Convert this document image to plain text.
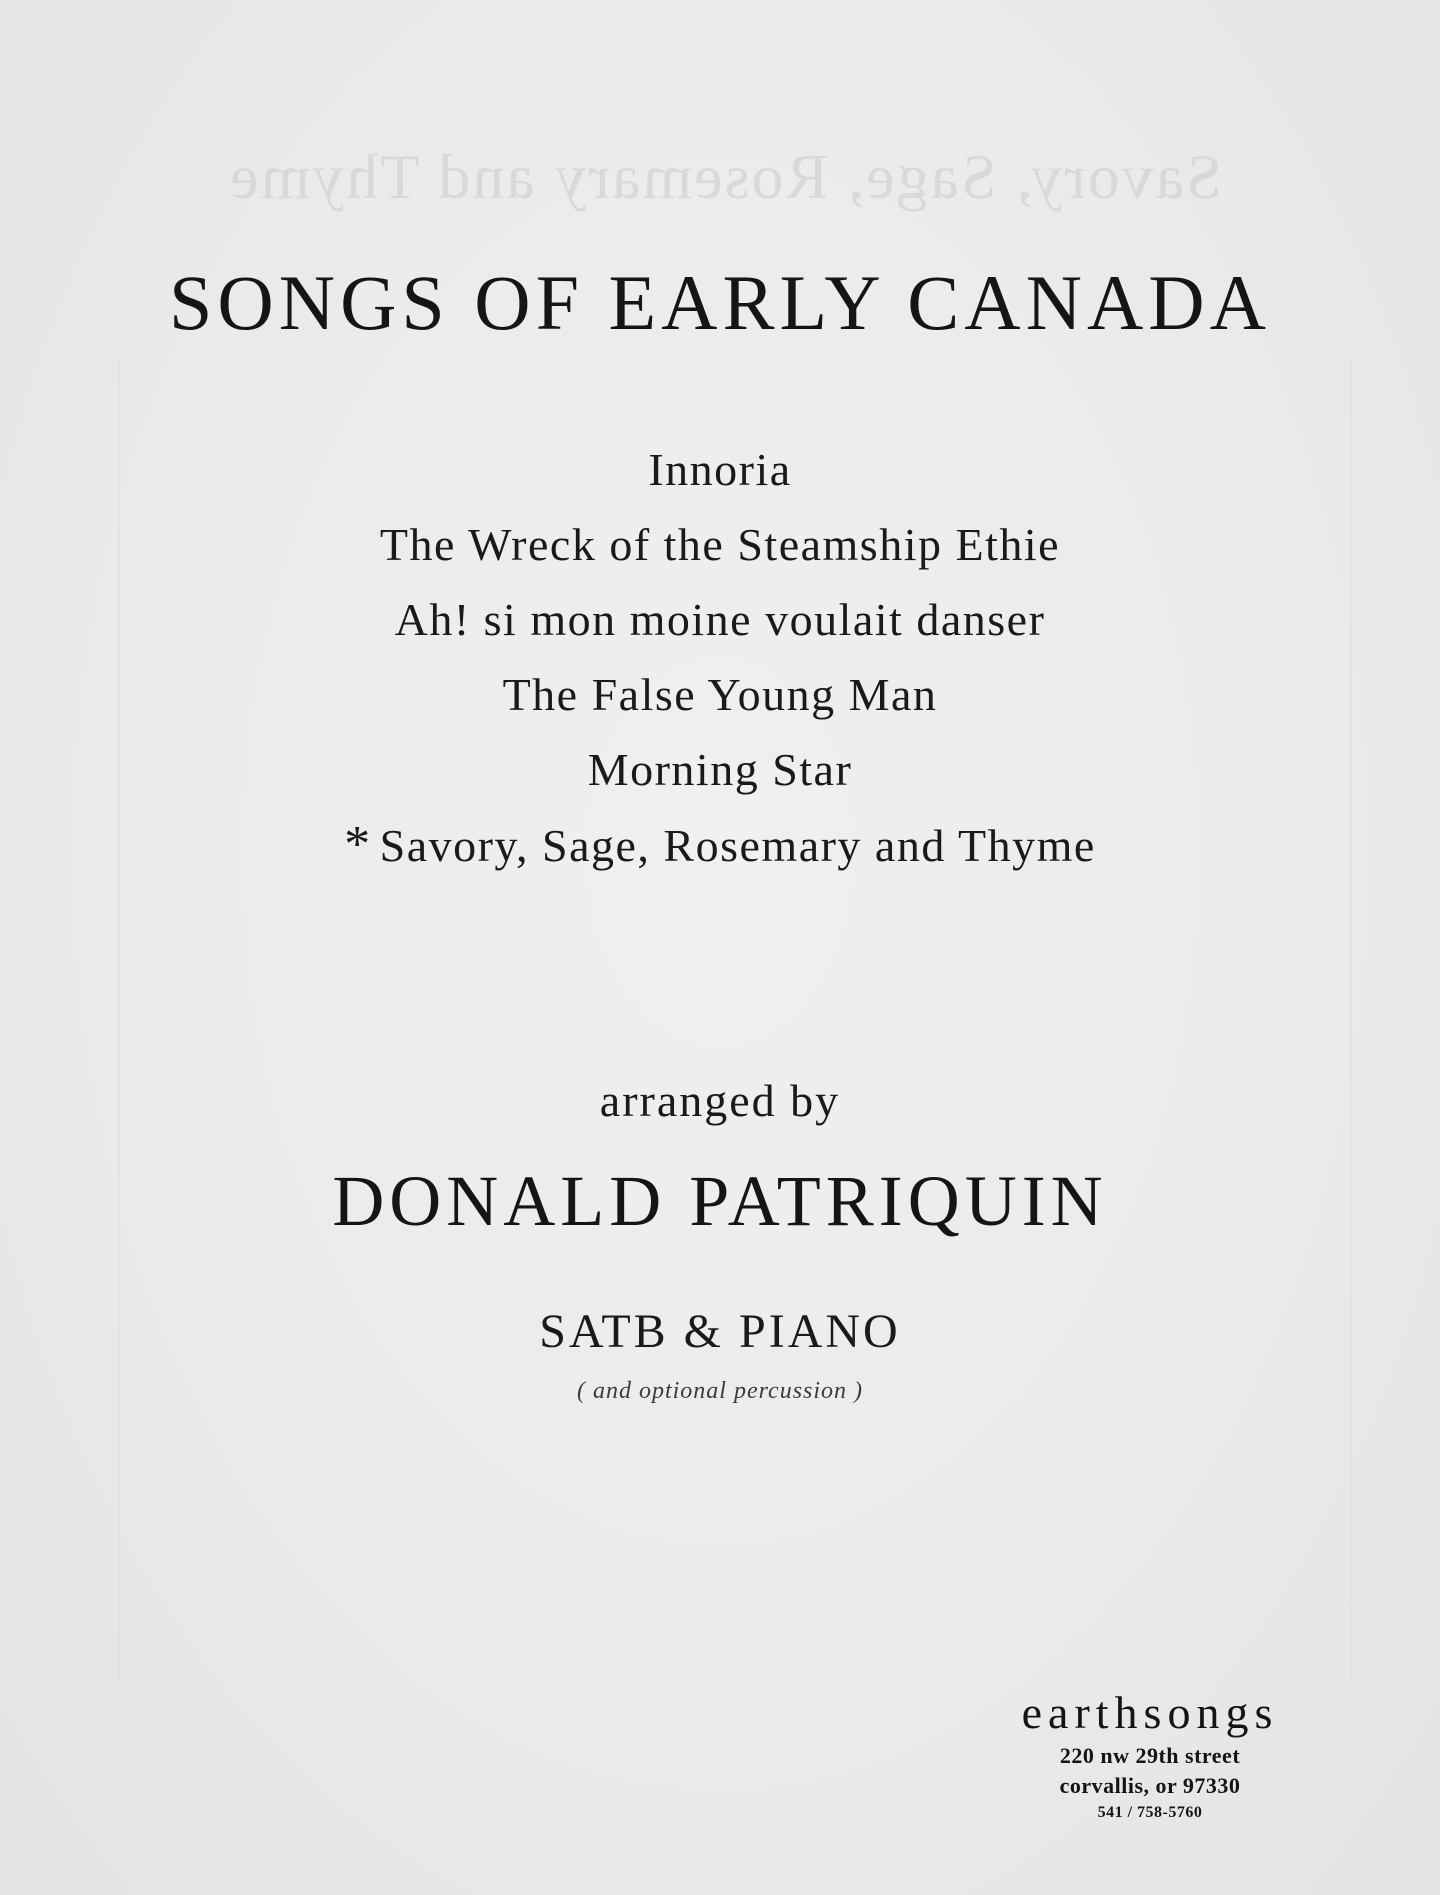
Savory, Sage, Rosemary and Thyme
SONGS OF EARLY CANADA
Innoria
The Wreck of the Steamship Ethie
Ah! si mon moine voulait danser
The False Young Man
Morning Star
* Savory, Sage, Rosemary and Thyme
arranged by
DONALD PATRIQUIN
SATB & PIANO
( and optional percussion )
earthsongs
220 nw 29th street
corvallis, or 97330
541 / 758-5760
